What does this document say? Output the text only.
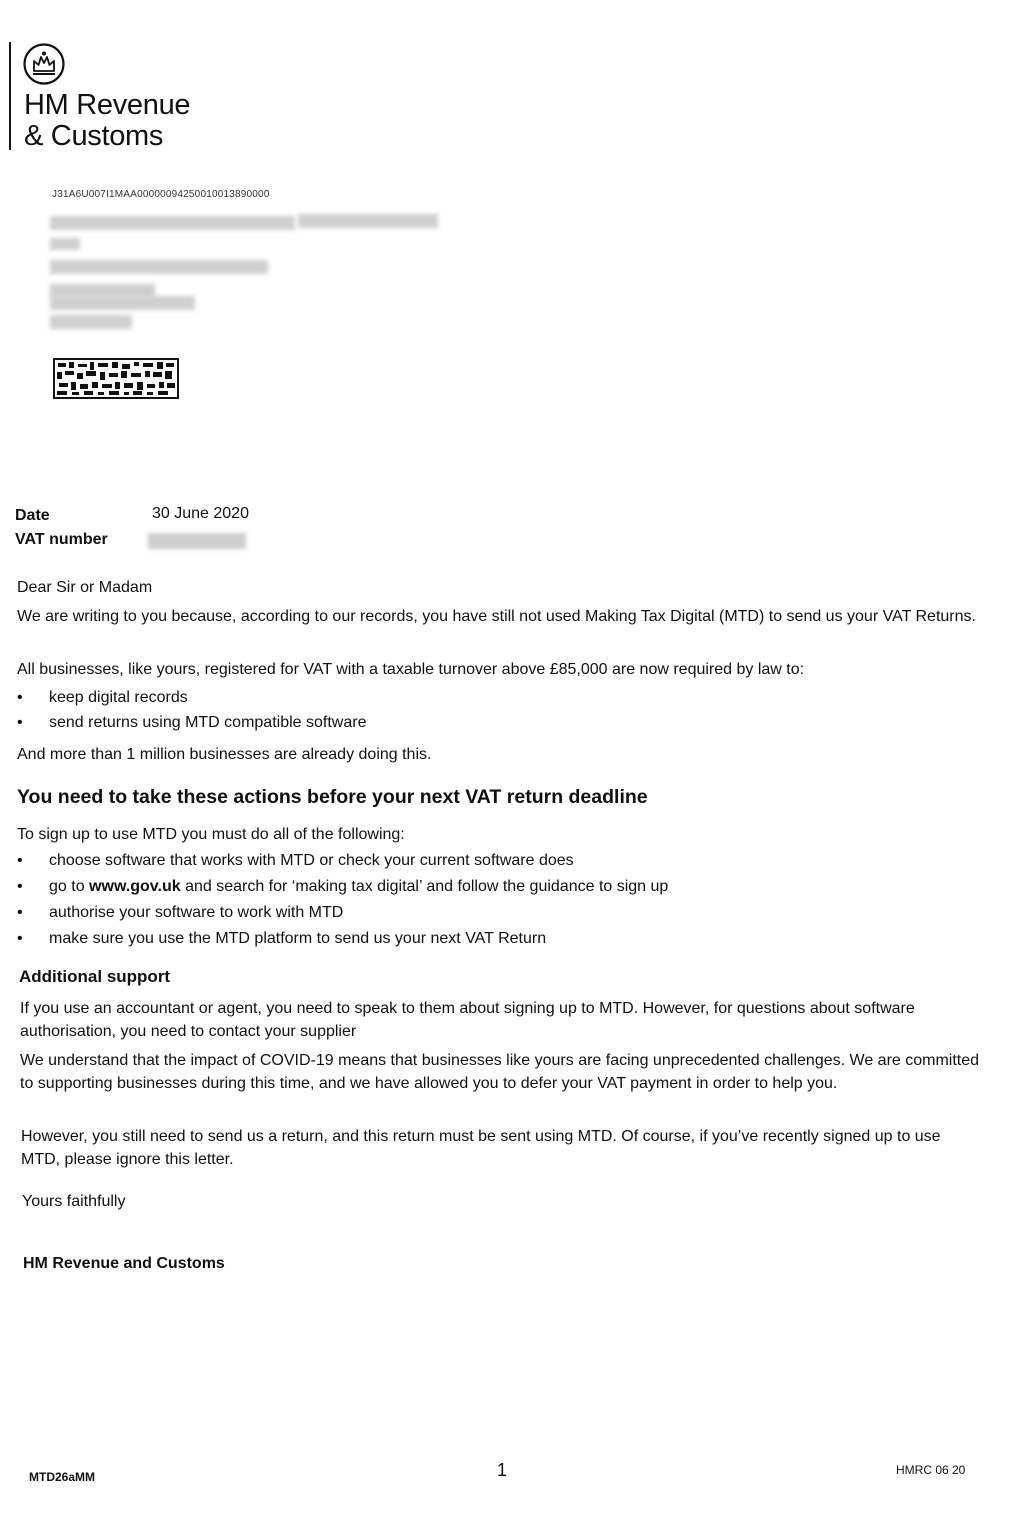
HM Revenue
& Customs
J31A6U007I1MAA00000094250010013890000
Date	30 June 2020
VAT number
Dear Sir or Madam
We are writing to you because, according to our records, you have still not used Making Tax Digital (MTD) to send us your VAT Returns.
All businesses, like yours, registered for VAT with a taxable turnover above £85,000 are now required by law to:
• keep digital records
• send returns using MTD compatible software
And more than 1 million businesses are already doing this.
You need to take these actions before your next VAT return deadline
To sign up to use MTD you must do all of the following:
• choose software that works with MTD or check your current software does
• go to www.gov.uk and search for ‘making tax digital’ and follow the guidance to sign up
• authorise your software to work with MTD
• make sure you use the MTD platform to send us your next VAT Return
Additional support
If you use an accountant or agent, you need to speak to them about signing up to MTD. However, for questions about software authorisation, you need to contact your supplier
We understand that the impact of COVID-19 means that businesses like yours are facing unprecedented challenges. We are committed to supporting businesses during this time, and we have allowed you to defer your VAT payment in order to help you.
However, you still need to send us a return, and this return must be sent using MTD. Of course, if you’ve recently signed up to use MTD, please ignore this letter.
Yours faithfully
HM Revenue and Customs
MTD26aMM	1	HMRC 06 20
